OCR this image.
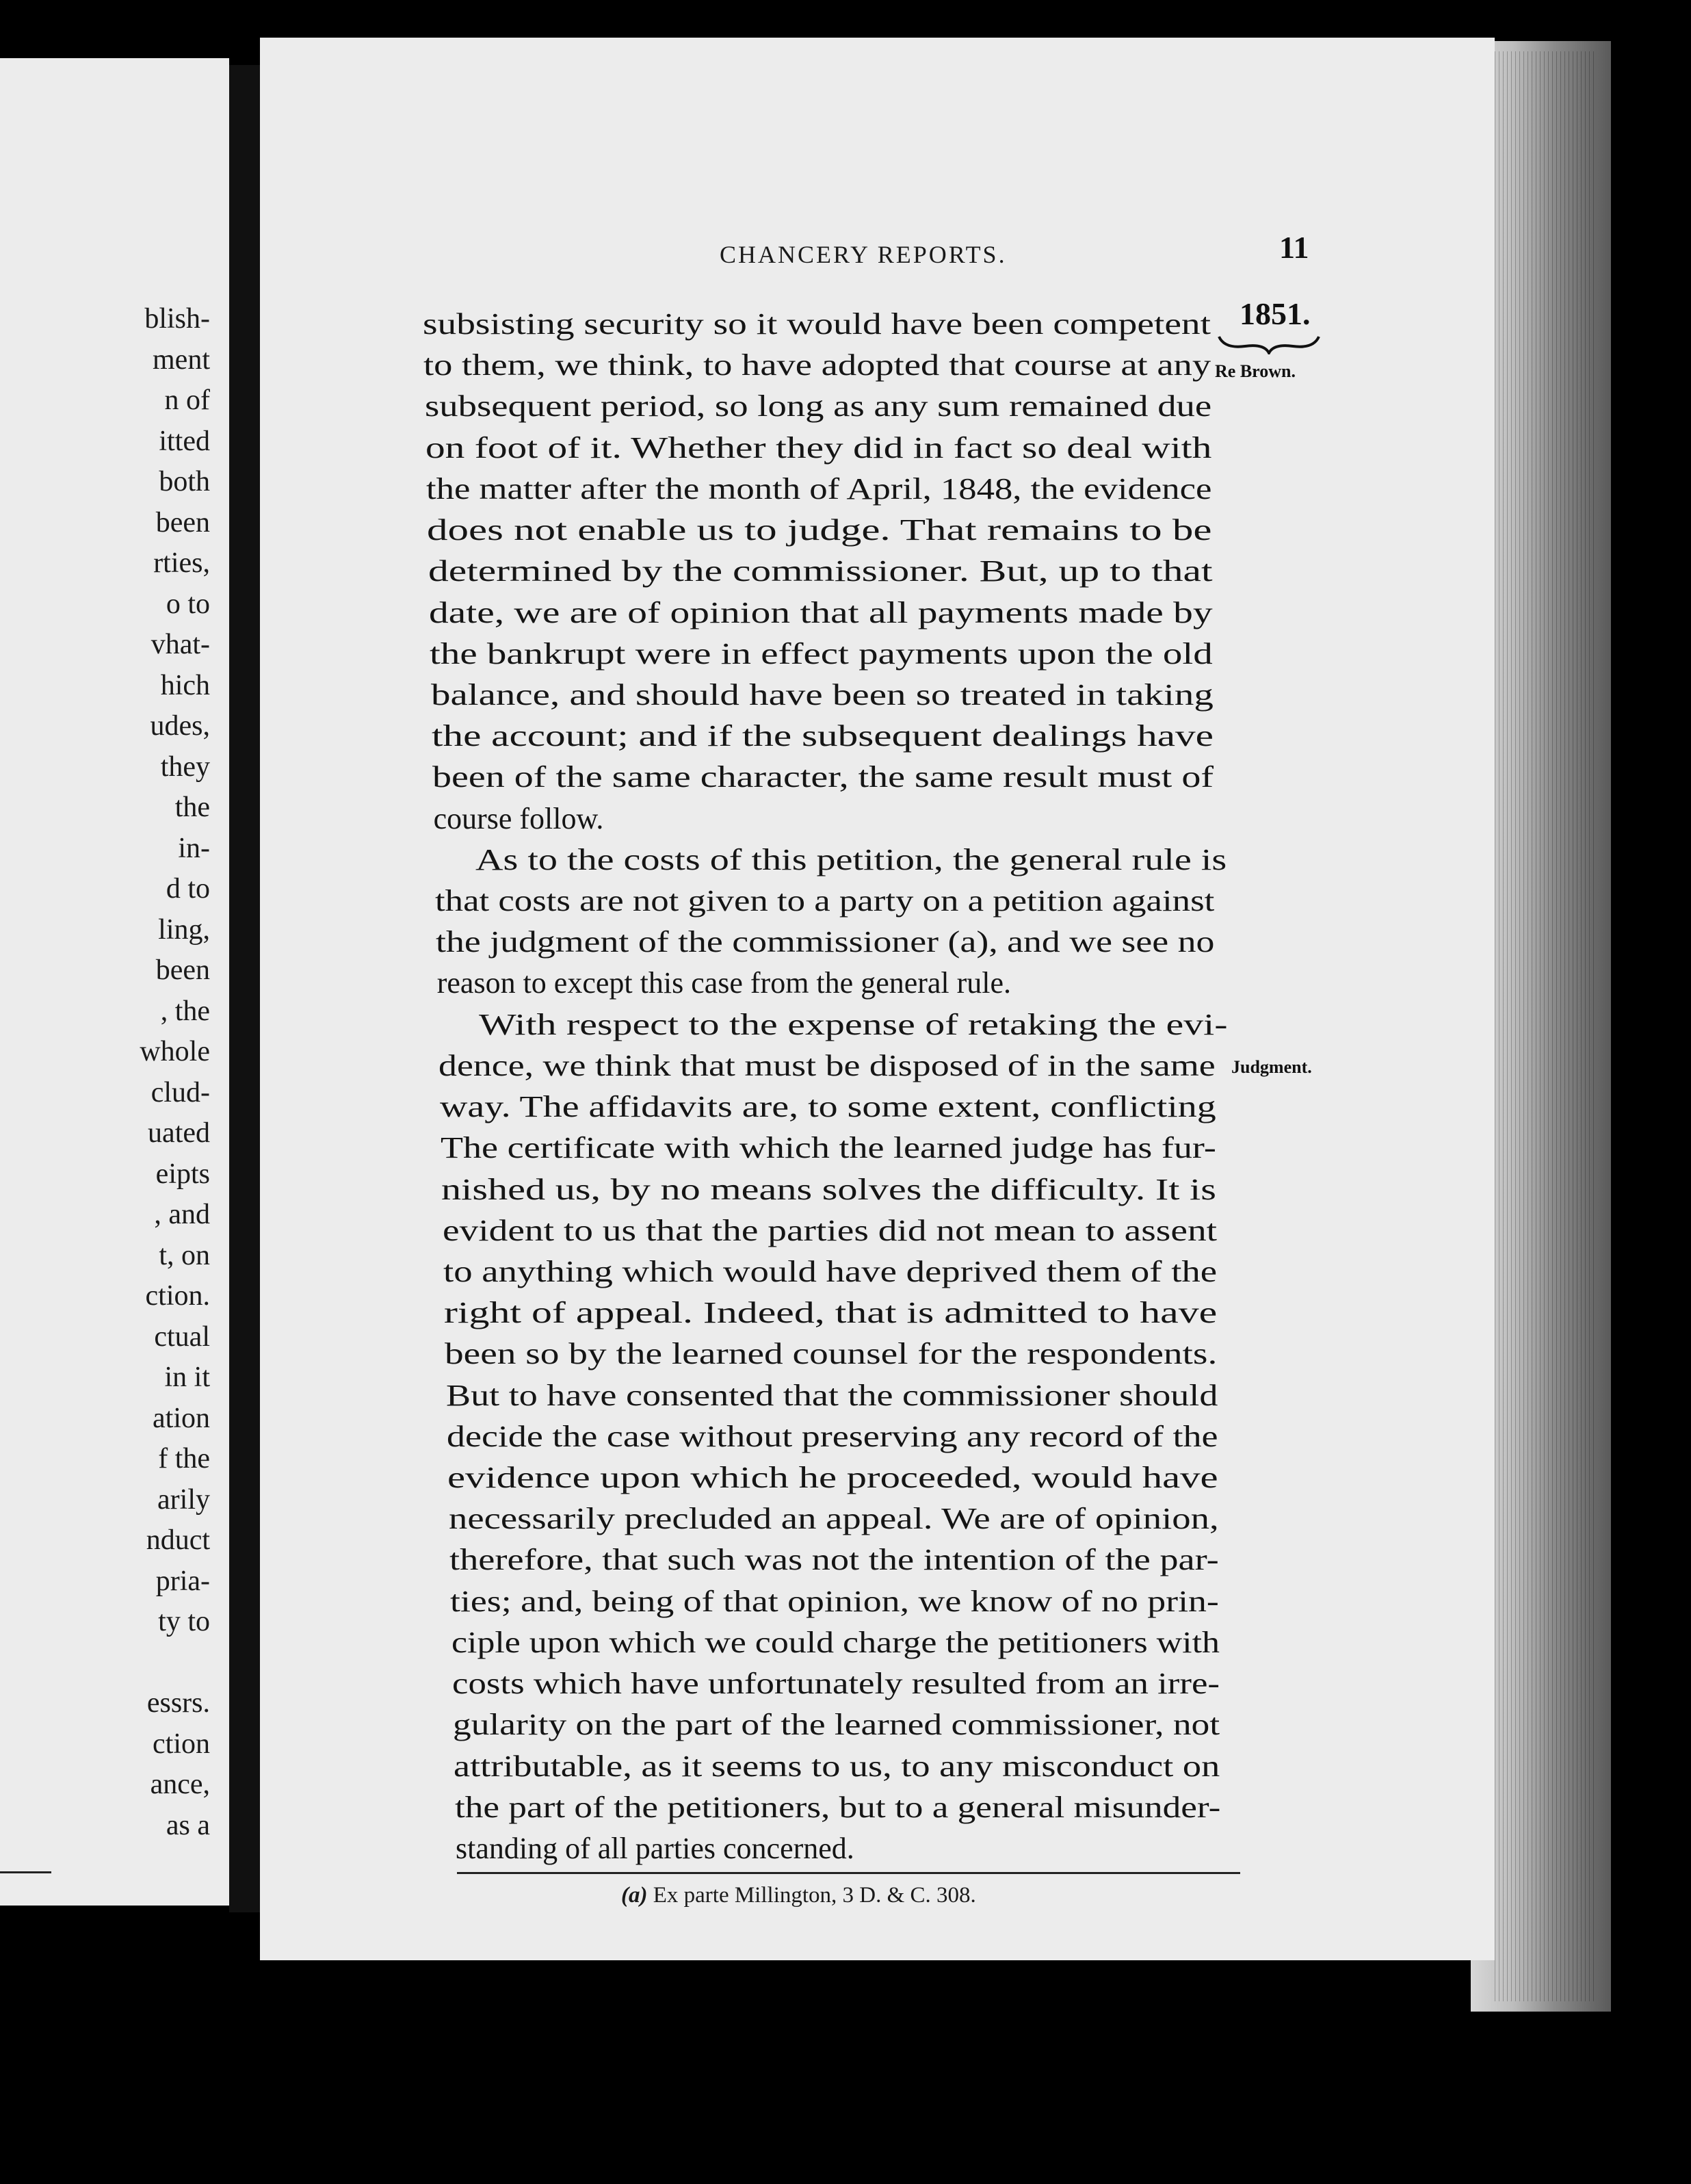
blish-
ment
n of
itted
both
been
rties,
o to
vhat-
hich
udes,
they
the
in-
d to
ling,
been
, the
whole
clud-
uated
eipts
, and
t, on
ction.
ctual
in it
ation
f the
arily
nduct
pria-
ty to
essrs.
ction
ance,
as a
CHANCERY REPORTS.	11
1851.
Re Brown.
Judgment.
subsisting security so it would have been competent
to them, we think, to have adopted that course at any
subsequent period, so long as any sum remained due
on foot of it. Whether they did in fact so deal with
the matter after the month of April, 1848, the evidence
does not enable us to judge. That remains to be
determined by the commissioner. But, up to that
date, we are of opinion that all payments made by
the bankrupt were in effect payments upon the old
balance, and should have been so treated in taking
the account; and if the subsequent dealings have
been of the same character, the same result must of
course follow.
As to the costs of this petition, the general rule is
that costs are not given to a party on a petition against
the judgment of the commissioner (a), and we see no
reason to except this case from the general rule.
With respect to the expense of retaking the evi-
dence, we think that must be disposed of in the same
way. The affidavits are, to some extent, conflicting
The certificate with which the learned judge has fur-
nished us, by no means solves the difficulty. It is
evident to us that the parties did not mean to assent
to anything which would have deprived them of the
right of appeal. Indeed, that is admitted to have
been so by the learned counsel for the respondents.
But to have consented that the commissioner should
decide the case without preserving any record of the
evidence upon which he proceeded, would have
necessarily precluded an appeal. We are of opinion,
therefore, that such was not the intention of the par-
ties; and, being of that opinion, we know of no prin-
ciple upon which we could charge the petitioners with
costs which have unfortunately resulted from an irre-
gularity on the part of the learned commissioner, not
attributable, as it seems to us, to any misconduct on
the part of the petitioners, but to a general misunder-
standing of all parties concerned.
(a) Ex parte Millington, 3 D. & C. 308.
